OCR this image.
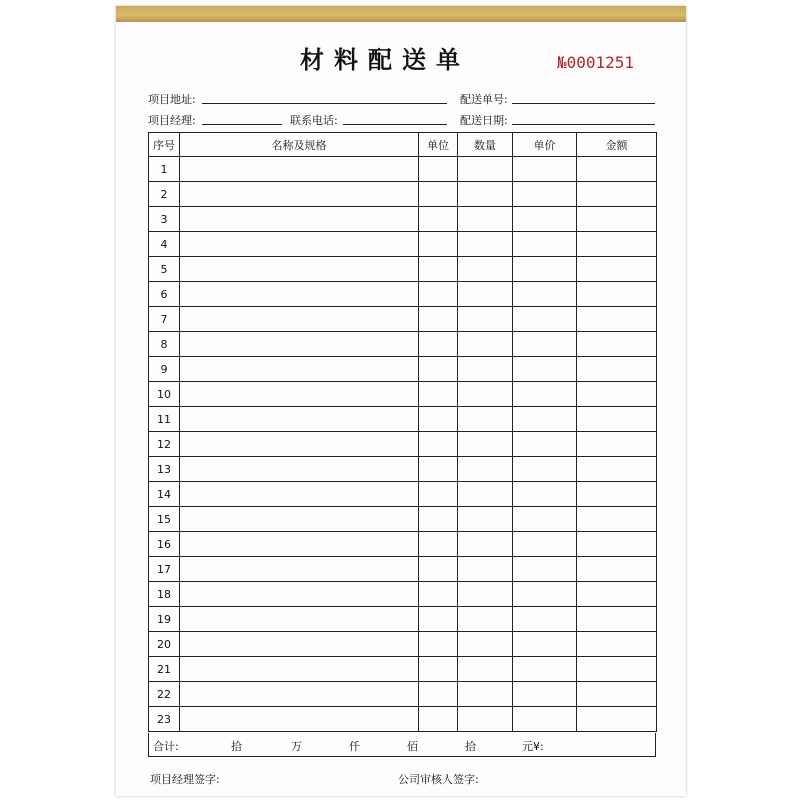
材料配送单	№0001251
项目地址:	配送单号:
项目经理:	联系电话:	配送日期:
序号	名称及规格	单位	数量	单价	金额
1					
2					
3					
4					
5					
6					
7					
8					
9					
10					
11					
12					
13					
14					
15					
16					
17					
18					
19					
20					
21					
22					
23					
合计:	拾	万	仟	佰	拾	元¥:
项目经理签字:	公司审核人签字:
